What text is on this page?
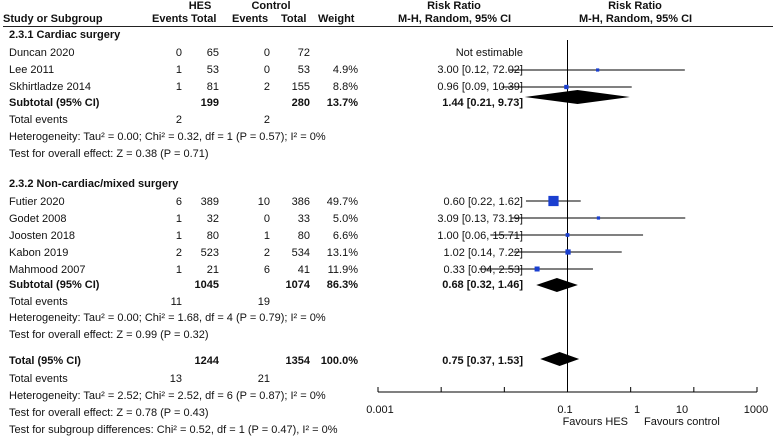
HES	Control	Risk Ratio	Risk Ratio
Study or Subgroup	Events Total Events Total Weight	M-H, Random, 95% CI	M-H, Random, 95% CI
2.3.1 Cardiac surgery
Duncan 2020	0	65	0	72	Not estimable
Lee 2011	1	53	0	53	4.9%	3.00 [0.12, 72.02]
Skhirtladze 2014	1	81	2	155	8.8%	0.96 [0.09, 10.39]
Subtotal (95% CI)	199	280	13.7%	1.44 [0.21, 9.73]
Total events	2	2
Heterogeneity: Tau² = 0.00; Chi² = 0.32, df = 1 (P = 0.57); I² = 0%
Test for overall effect: Z = 0.38 (P = 0.71)
2.3.2 Non-cardiac/mixed surgery
Futier 2020	6	389	10	386	49.7%	0.60 [0.22, 1.62]
Godet 2008	1	32	0	33	5.0%	3.09 [0.13, 73.19]
Joosten 2018	1	80	1	80	6.6%	1.00 [0.06, 15.71]
Kabon 2019	2	523	2	534	13.1%	1.02 [0.14, 7.22]
Mahmood 2007	1	21	6	41	11.9%	0.33 [0.04, 2.53]
Subtotal (95% CI)	1045	1074	86.3%	0.68 [0.32, 1.46]
Total events	11	19
Heterogeneity: Tau² = 0.00; Chi² = 1.68, df = 4 (P = 0.79); I² = 0%
Test for overall effect: Z = 0.99 (P = 0.32)
Total (95% CI)	1244	1354 100.0%	0.75 [0.37, 1.53]
Total events	13	21
Heterogeneity: Tau² = 2.52; Chi² = 2.52, df = 6 (P = 0.87); I² = 0%
Test for overall effect: Z = 0.78 (P = 0.43)
Test for subgroup differences: Chi² = 0.52, df = 1 (P = 0.47), I² = 0%
0.001	0.1	1	10	1000
Favours HES Favours control
